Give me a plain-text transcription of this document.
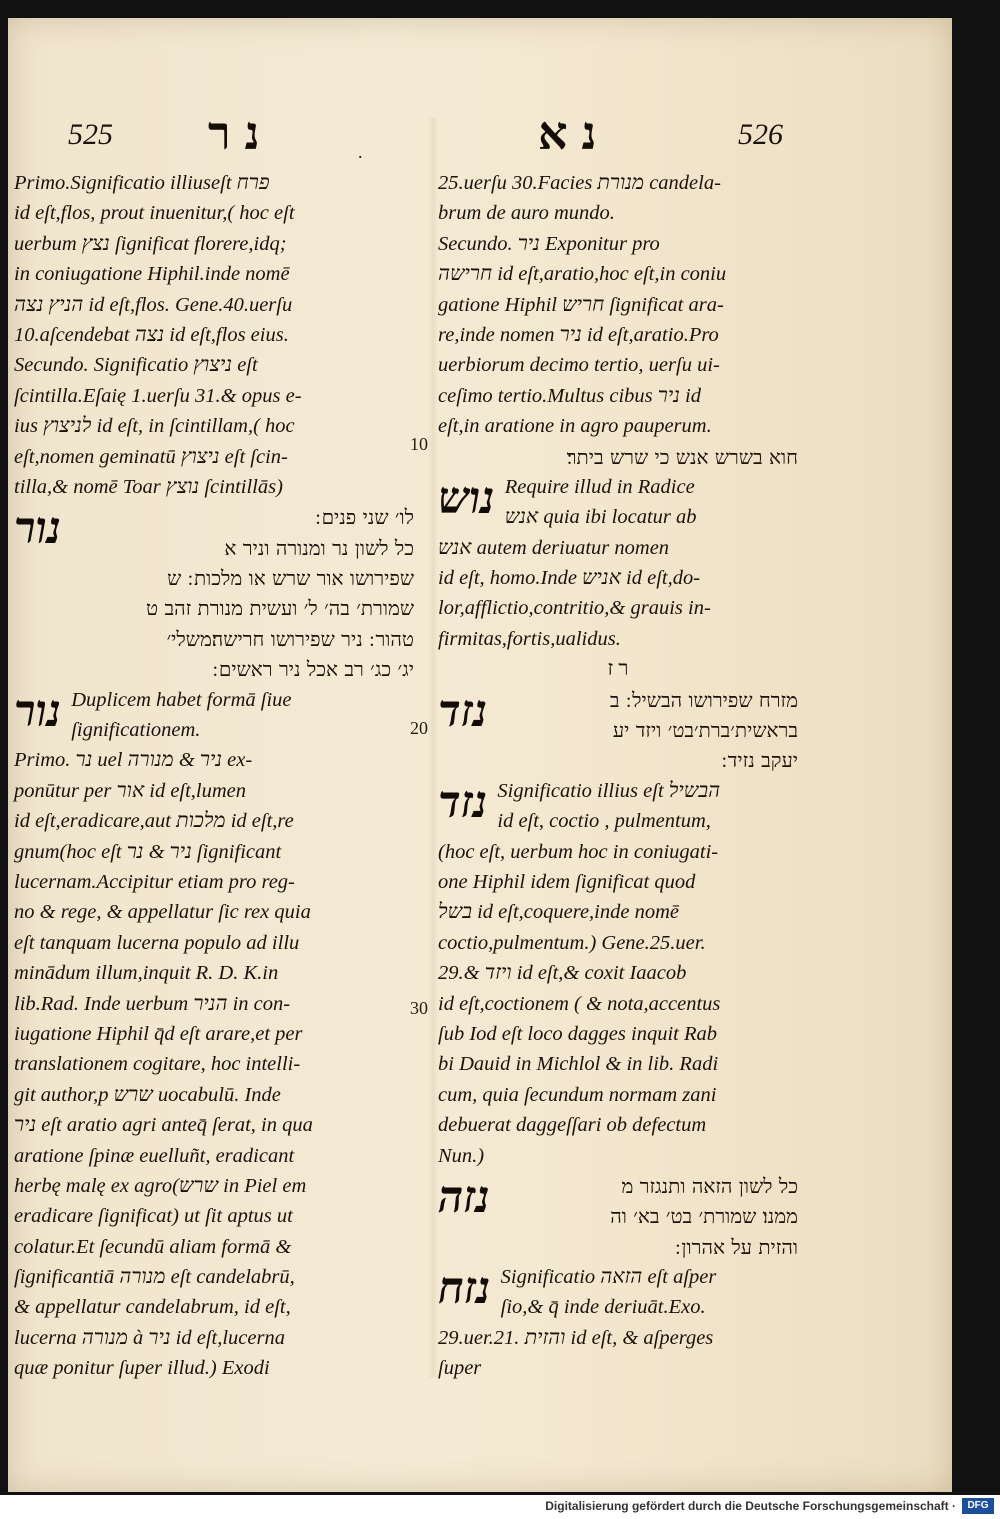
525 נר	.	נא	526
Primo.Significatio illiuseſt פרח
id eſt,flos, prout inuenitur,( hoc eſt
uerbum נצץ ſignificat florere,idq;
in coniugatione Hiphil.inde nomē
הניץ נצה id eſt,flos. Gene.40.uerſu
10.aſcendebat נצה id eſt,flos eius.
Secundo. Significatio ניצוץ eſt
ſcintilla.Eſaię 1.uerſu 31.& opus e-
ius לניצוץ id eſt, in ſcintillam,( hoc
eſt,nomen geminatū ניצוץ eſt ſcin-
tilla,& nomē Toar נוצץ ſcintillās)
נור	לו׳ שני פנים ׃
כל לשון נר ומנורה וניר א
שפירושו אור שרש או מלכות ׃ ש
שמורת׳ בה׳ ל׳ ועשית מנורת זהב ט
טהור ׃ ניר שפירושו חרישה׃משלי׳
יג׳ כג׳ רב אכל ניר ראשים ׃
נור Duplicem habet formā ſiue
ſignificationem.
Primo. נר uel ניר & מנורה ex-
ponūtur per אור id eſt,lumen
id eſt,eradicare,aut מלכות id eſt,re
gnum(hoc eſt ניר & נר ſignificant
lucernam.Accipitur etiam pro reg-
no & rege, & appellatur ſic rex quia
eſt tanquam lucerna populo ad illu
minādum illum,inquit R. D. K.in
lib.Rad. Inde uerbum הניר in con-
iugatione Hiphil q̄d eſt arare,et per
translationem cogitare, hoc intelli-
git author,p שרש uocabulū. Inde
ניר eſt aratio agri anteq̄ ſerat, in qua
aratione ſpinæ euelluñt, eradicant
herbę malę ex agro(שרש in Piel em
eradicare ſignificat) ut ſit aptus ut
colatur.Et ſecundū aliam formā &
ſignificantiā מנורה eſt candelabrū,
& appellatur candelabrum, id eſt,
lucerna מנורה à ניר id eſt,lucerna
quæ ponitur ſuper illud.) Exodi
10
20
30
25.uerſu 30.Facies מנורת candela-
brum de auro mundo.
Secundo. ניר Exponitur pro
חרישה id eſt,aratio,hoc eſt,in coniu
gatione Hiphil חריש ſignificat ara-
re,inde nomen ניר id eſt,aratio.Pro
uerbiorum decimo tertio, uerſu ui-
ceſimo tertio.Multus cibus ניר id
eſt,in aratione in agro pauperum.
חוא בשרש אנש כי שרש ביתר׃
נוש Require illud in Radice
אנש quia ibi locatur ab
אנש autem deriuatur nomen
id eſt, homo.Inde אניש id eſt,do-
lor,afflictio,contritio,& grauis in-
firmitas,fortis,ualidus.
ר ז
נזד	מזרח שפירושו הבשיל ׃ ב
בראשית׳ברת׳בט׳ ויזד יע
יעקב נזיד ׃
נזד Significatio illius eſt הבשיל
id eſt, coctio , pulmentum,
(hoc eſt, uerbum hoc in coniugati-
one Hiphil idem ſignificat quod
בשל id eſt,coquere,inde nomē
coctio,pulmentum.) Gene.25.uer.
29.& ויזד id eſt,& coxit Iaacob
id eſt,coctionem ( & nota,accentus
ſub Iod eſt loco dagges inquit Rab
bi Dauid in Michlol & in lib. Radi
cum, quia ſecundum normam zani
debuerat daggeſſari ob defectum
Nun.)
נזה	כל לשון הזאה ותנגזר מ
ממנו׃ שמורת׳ בט׳ בא׳ וה
והזית על אהרון ׃
נזח Significatio הזאה eſt aſper
ſio,& q̄ inde deriuāt.Exo.
29.uer.21. והזית id eſt, & aſperges
ſuper
Digitalisierung gefördert durch die Deutsche Forschungsgemeinschaft ·	DFG
